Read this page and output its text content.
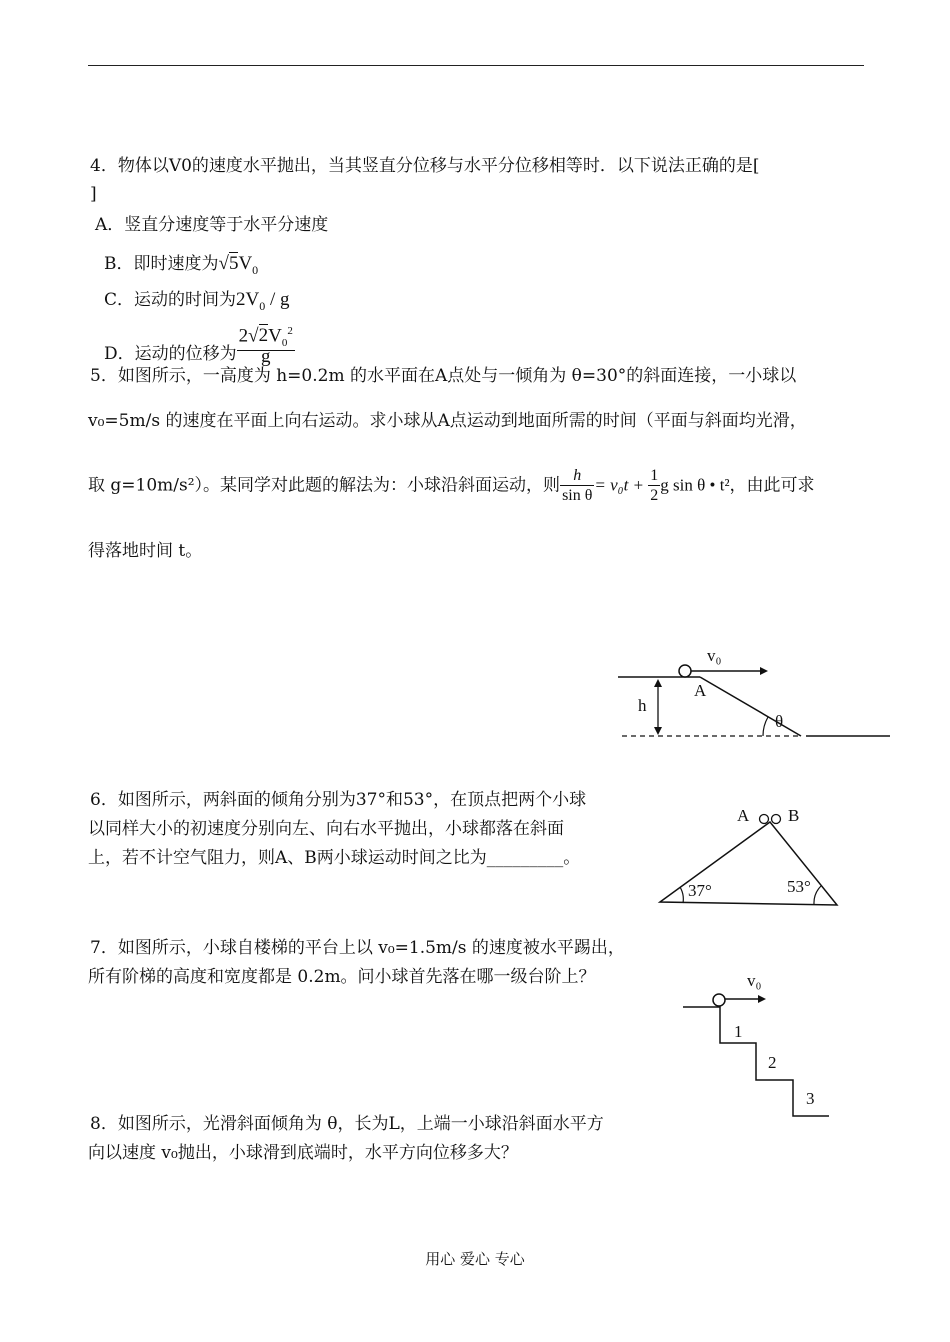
4．物体以V0的速度水平抛出，当其竖直分位移与水平分位移相等时．以下说法正确的是[
]
A．竖直分速度等于水平分速度
B．即时速度为$√5V_0$
C．运动的时间为$2V_0$ / g
D．运动的位移为 $\frac{2√2V_0^2}{g}$
5．如图所示，一高度为 h=0.2m 的水平面在A点处与一倾角为 θ=30°的斜面连接，一小球以
v₀=5m/s 的速度在平面上向右运动。求小球从A点运动到地面所需的时间（平面与斜面均光滑，
取 g=10m/s²）。某同学对此题的解法为：小球沿斜面运动，则 $\frac{h}{\text{sin θ}} = v_0t + \frac{1}{2}$ g sin θ • t²，由此可求
得落地时间 t。
v₀
A
h
θ
A B
37°	53°
v₀
1
2
3
6．如图所示，两斜面的倾角分别为37°和53°，在顶点把两个小球
以同样大小的初速度分别向左、向右水平抛出，小球都落在斜面
上，若不计空气阻力，则A、B两小球运动时间之比为_________。
7．如图所示，小球自楼梯的平台上以 v₀=1.5m/s 的速度被水平踢出，
所有阶梯的高度和宽度都是 0.2m。问小球首先落在哪一级台阶上？
8．如图所示，光滑斜面倾角为 θ，长为L，上端一小球沿斜面水平方
向以速度 v₀抛出，小球滑到底端时，水平方向位移多大？
用心 爱心 专心
